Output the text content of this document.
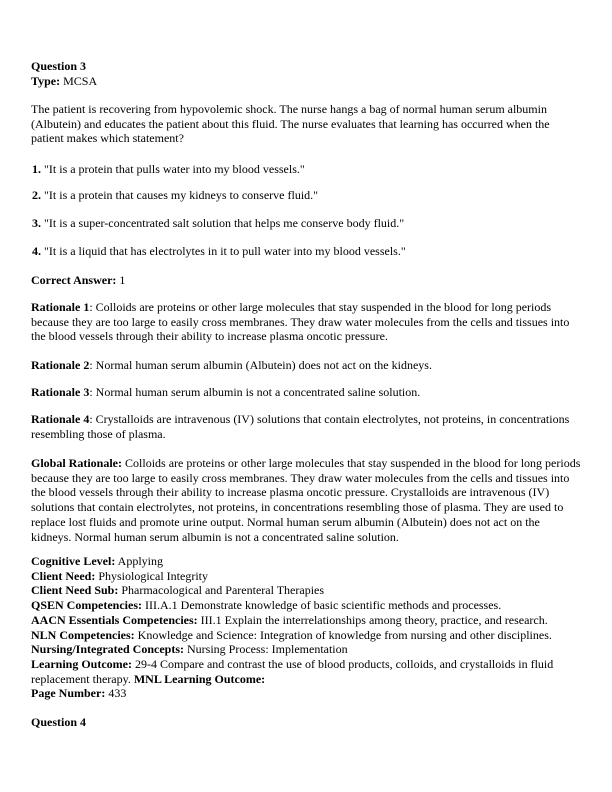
Question 3
Type: MCSA
The patient is recovering from hypovolemic shock. The nurse hangs a bag of normal human serum albumin (Albutein) and educates the patient about this fluid. The nurse evaluates that learning has occurred when the patient makes which statement?
1. "It is a protein that pulls water into my blood vessels."
2. "It is a protein that causes my kidneys to conserve fluid."
3. "It is a super-concentrated salt solution that helps me conserve body fluid."
4. "It is a liquid that has electrolytes in it to pull water into my blood vessels."
Correct Answer: 1
Rationale 1: Colloids are proteins or other large molecules that stay suspended in the blood for long periods because they are too large to easily cross membranes. They draw water molecules from the cells and tissues into the blood vessels through their ability to increase plasma oncotic pressure.
Rationale 2: Normal human serum albumin (Albutein) does not act on the kidneys.
Rationale 3: Normal human serum albumin is not a concentrated saline solution.
Rationale 4: Crystalloids are intravenous (IV) solutions that contain electrolytes, not proteins, in concentrations resembling those of plasma.
Global Rationale: Colloids are proteins or other large molecules that stay suspended in the blood for long periods because they are too large to easily cross membranes. They draw water molecules from the cells and tissues into the blood vessels through their ability to increase plasma oncotic pressure. Crystalloids are intravenous (IV) solutions that contain electrolytes, not proteins, in concentrations resembling those of plasma. They are used to replace lost fluids and promote urine output. Normal human serum albumin (Albutein) does not act on the kidneys. Normal human serum albumin is not a concentrated saline solution.
Cognitive Level: Applying
Client Need: Physiological Integrity
Client Need Sub: Pharmacological and Parenteral Therapies
QSEN Competencies: III.A.1 Demonstrate knowledge of basic scientific methods and processes.
AACN Essentials Competencies: III.1 Explain the interrelationships among theory, practice, and research.
NLN Competencies: Knowledge and Science: Integration of knowledge from nursing and other disciplines.
Nursing/Integrated Concepts: Nursing Process: Implementation
Learning Outcome: 29-4 Compare and contrast the use of blood products, colloids, and crystalloids in fluid replacement therapy. MNL Learning Outcome:
Page Number: 433
Question 4
